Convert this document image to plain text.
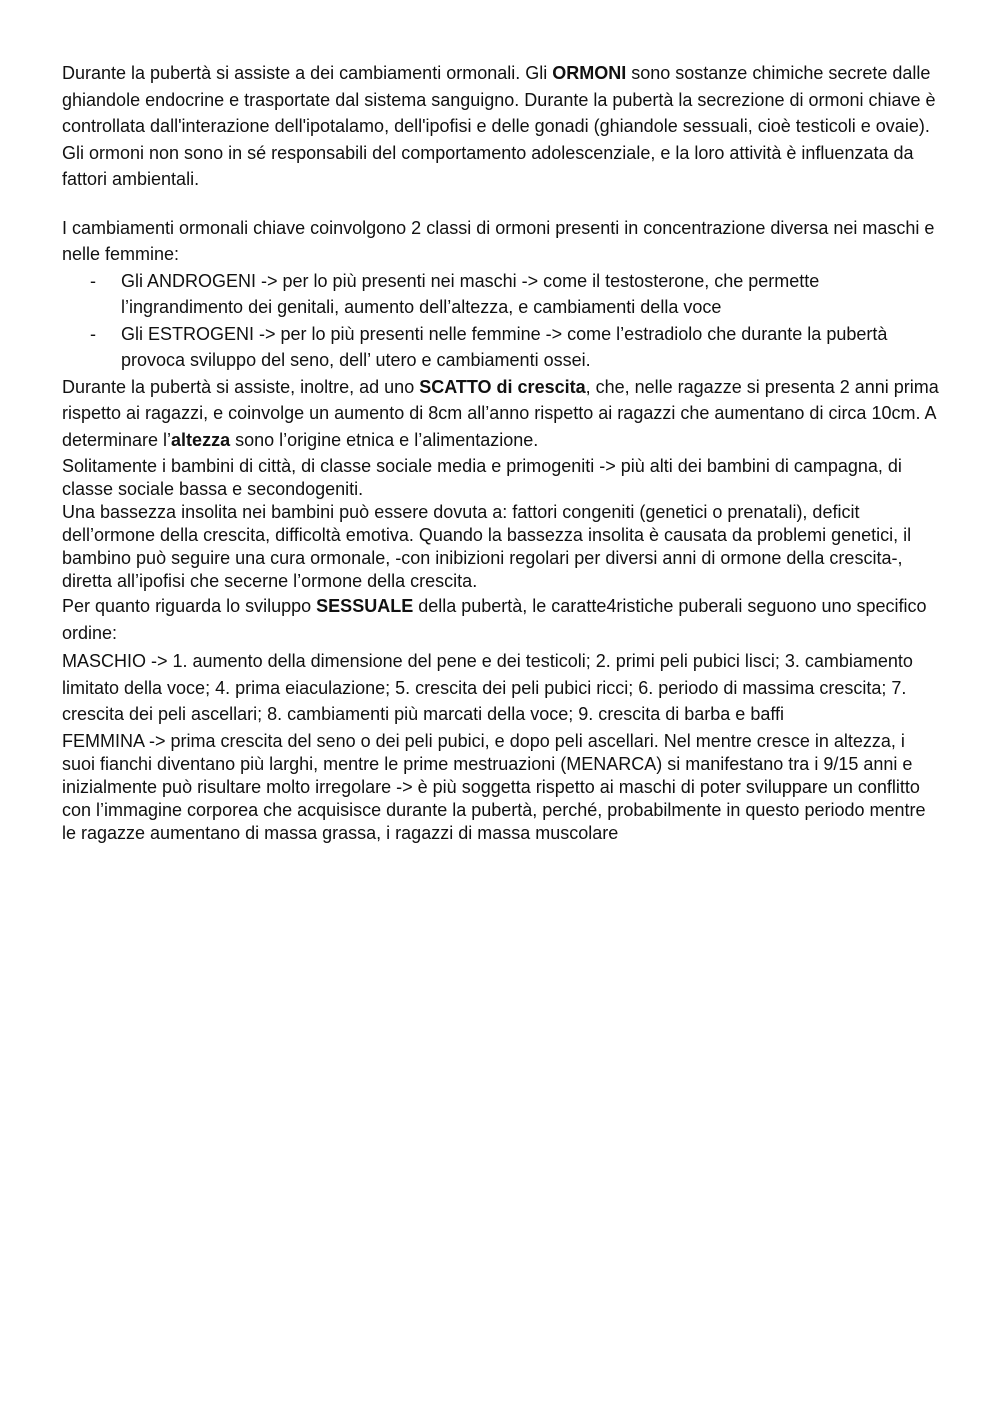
Durante la pubertà si assiste a dei cambiamenti ormonali. Gli ORMONI sono sostanze chimiche secrete dalle ghiandole endocrine e trasportate dal sistema sanguigno. Durante la pubertà la secrezione di ormoni chiave è controllata dall'interazione dell'ipotalamo, dell'ipofisi e delle gonadi (ghiandole sessuali, cioè testicoli e ovaie). Gli ormoni non sono in sé responsabili del comportamento adolescenziale, e la loro attività è influenzata da fattori ambientali.

I cambiamenti ormonali chiave coinvolgono 2 classi di ormoni presenti in concentrazione diversa nei maschi e nelle femmine:

- Gli ANDROGENI -> per lo più presenti nei maschi -> come il testosterone, che permette l’ingrandimento dei genitali, aumento dell’altezza, e cambiamenti della voce
- Gli ESTROGENI -> per lo più presenti nelle femmine -> come l’estradiolo che durante la pubertà provoca sviluppo del seno, dell’ utero e cambiamenti ossei.

Durante la pubertà si assiste, inoltre, ad uno SCATTO di crescita, che, nelle ragazze si presenta 2 anni prima rispetto ai ragazzi, e coinvolge un aumento di 8cm all’anno rispetto ai ragazzi che aumentano di circa 10cm. A determinare l’altezza sono l’origine etnica e l’alimentazione.

Solitamente i bambini di città, di classe sociale media e primogeniti -> più alti dei bambini di campagna, di classe sociale bassa e secondogeniti.

Una bassezza insolita nei bambini può essere dovuta a: fattori congeniti (genetici o prenatali), deficit dell’ormone della crescita, difficoltà emotiva. Quando la bassezza insolita è causata da problemi genetici, il bambino può seguire una cura ormonale, -con inibizioni regolari per diversi anni di ormone della crescita-, diretta all’ipofisi che secerne l’ormone della crescita.

Per quanto riguarda lo sviluppo SESSUALE della pubertà, le caratte4ristiche puberali seguono uno specifico ordine:

MASCHIO -> 1. aumento della dimensione del pene e dei testicoli; 2. primi peli pubici lisci; 3. cambiamento limitato della voce; 4. prima eiaculazione; 5. crescita dei peli pubici ricci; 6. periodo di massima crescita; 7. crescita dei peli ascellari; 8. cambiamenti più marcati della voce; 9. crescita di barba e baffi

FEMMINA -> prima crescita del seno o dei peli pubici, e dopo peli ascellari. Nel mentre cresce in altezza, i suoi fianchi diventano più larghi, mentre le prime mestruazioni (MENARCA) si manifestano tra i 9/15 anni e inizialmente può risultare molto irregolare -> è più soggetta rispetto ai maschi di poter sviluppare un conflitto con l’immagine corporea che acquisisce durante la pubertà, perché, probabilmente in questo periodo mentre le ragazze aumentano di massa grassa, i ragazzi di massa muscolare
